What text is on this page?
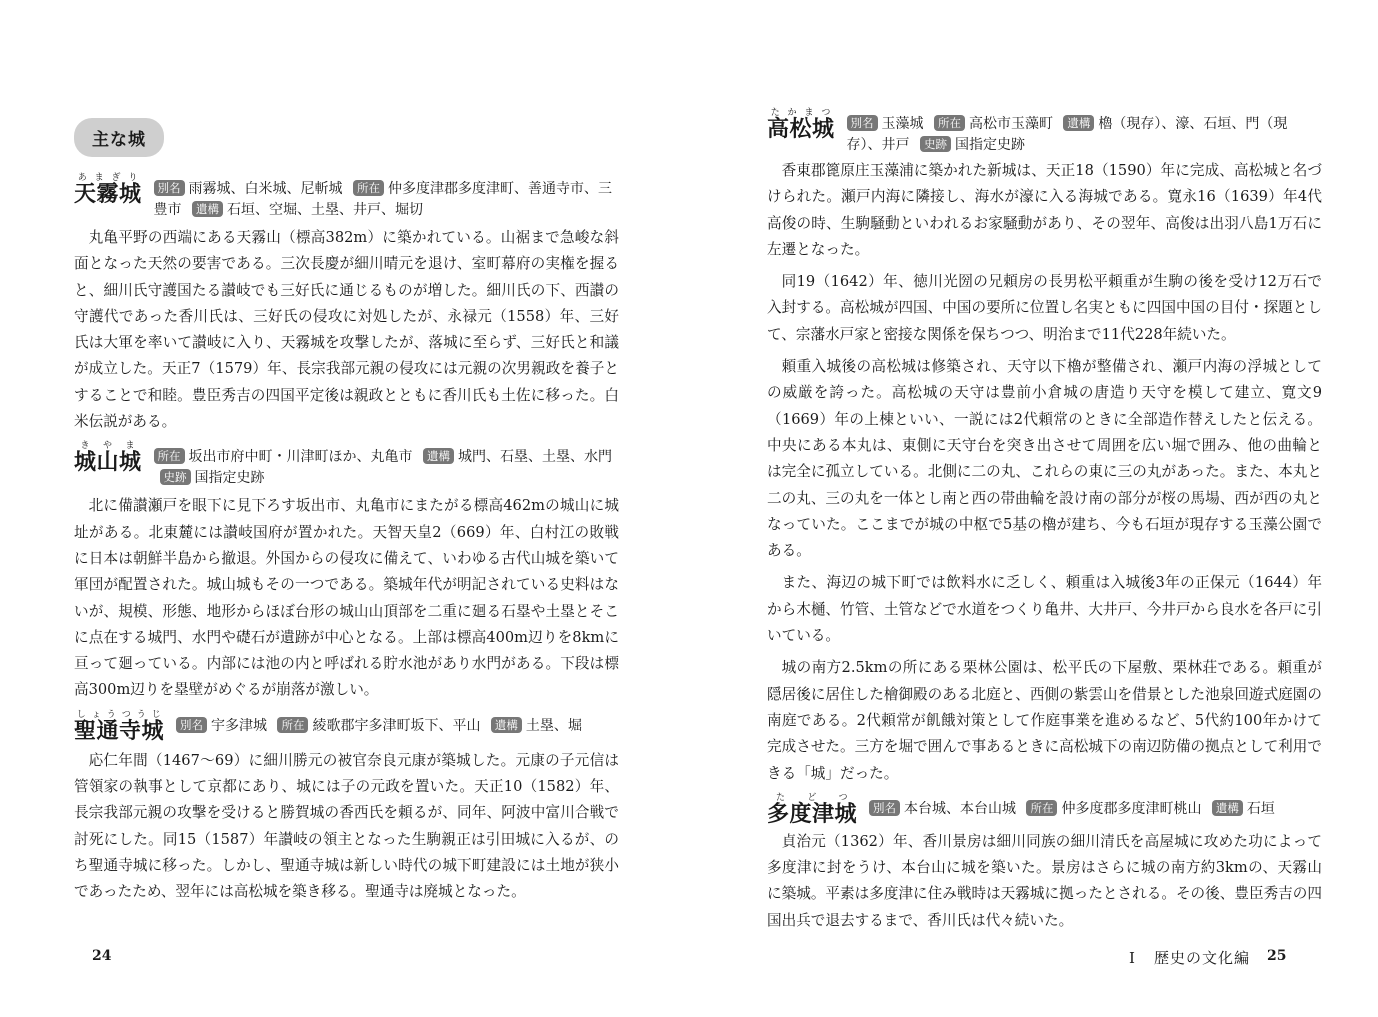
主な城
天霧城あまぎり
別名 雨霧城、白米城、尼斬城 所在 仲多度津郡多度津町、善通寺市、三豊市 遺構 石垣、空堀、土塁、井戸、堀切

丸亀平野の西端にある天霧山（標高382m）に築かれている。山裾まで急峻な斜面となった天然の要害である。三次長慶が細川晴元を退け、室町幕府の実権を握ると、細川氏守護国たる讃岐でも三好氏に通じるものが増した。細川氏の下、西讃の守護代であった香川氏は、三好氏の侵攻に対処したが、永禄元（1558）年、三好氏は大軍を率いて讃岐に入り、天霧城を攻撃したが、落城に至らず、三好氏と和議が成立した。天正7（1579）年、長宗我部元親の侵攻には元親の次男親政を養子とすることで和睦。豊臣秀吉の四国平定後は親政とともに香川氏も土佐に移った。白米伝説がある。

城山城きやま
所在 坂出市府中町・川津町ほか、丸亀市 遺構 城門、石塁、土塁、水門 史跡 国指定史跡

北に備讃瀬戸を眼下に見下ろす坂出市、丸亀市にまたがる標高462mの城山に城址がある。北東麓には讃岐国府が置かれた。天智天皇2（669）年、白村江の敗戦に日本は朝鮮半島から撤退。外国からの侵攻に備えて、いわゆる古代山城を築いて軍団が配置された。城山城もその一つである。築城年代が明記されている史料はないが、規模、形態、地形からほぼ台形の城山山頂部を二重に廻る石塁や土塁とそこに点在する城門、水門や礎石が遺跡が中心となる。上部は標高400m辺りを8kmに亘って廻っている。内部には池の内と呼ばれる貯水池があり水門がある。下段は標高300m辺りを塁壁がめぐるが崩落が激しい。

聖通寺城しょうつうじ
別名 宇多津城 所在 綾歌郡宇多津町坂下、平山 遺構 土塁、堀

応仁年間（1467〜69）に細川勝元の被官奈良元康が築城した。元康の子元信は管領家の執事として京都にあり、城には子の元政を置いた。天正10（1582）年、長宗我部元親の攻撃を受けると勝賀城の香西氏を頼るが、同年、阿波中富川合戦で討死にした。同15（1587）年讃岐の領主となった生駒親正は引田城に入るが、のち聖通寺城に移った。しかし、聖通寺城は新しい時代の城下町建設には土地が狭小であったため、翌年には高松城を築き移る。聖通寺は廃城となった。

24
高松城たかまつ
別名 玉藻城 所在 高松市玉藻町 遺構 櫓（現存）、濠、石垣、門（現存）、井戸 史跡 国指定史跡

香東郡篦原庄玉藻浦に築かれた新城は、天正18（1590）年に完成、高松城と名づけられた。瀬戸内海に隣接し、海水が濠に入る海城である。寛永16（1639）年4代高俊の時、生駒騒動といわれるお家騒動があり、その翌年、高俊は出羽八島1万石に左遷となった。

同19（1642）年、徳川光圀の兄頼房の長男松平頼重が生駒の後を受け12万石で入封する。高松城が四国、中国の要所に位置し名実ともに四国中国の目付・探題として、宗藩水戸家と密接な関係を保ちつつ、明治まで11代228年続いた。

頼重入城後の高松城は修築され、天守以下櫓が整備され、瀬戸内海の浮城としての威厳を誇った。高松城の天守は豊前小倉城の唐造り天守を模して建立、寛文9（1669）年の上棟といい、一説には2代頼常のときに全部造作替えしたと伝える。中央にある本丸は、東側に天守台を突き出させて周囲を広い堀で囲み、他の曲輪とは完全に孤立している。北側に二の丸、これらの東に三の丸があった。また、本丸と二の丸、三の丸を一体とし南と西の帯曲輪を設け南の部分が桜の馬場、西が西の丸となっていた。ここまでが城の中枢で5基の櫓が建ち、今も石垣が現存する玉藻公園である。

また、海辺の城下町では飲料水に乏しく、頼重は入城後3年の正保元（1644）年から木樋、竹管、土管などで水道をつくり亀井、大井戸、今井戸から良水を各戸に引いている。

城の南方2.5kmの所にある栗林公園は、松平氏の下屋敷、栗林荘である。頼重が隠居後に居住した檜御殿のある北庭と、西側の紫雲山を借景とした池泉回遊式庭園の南庭である。2代頼常が飢餓対策として作庭事業を進めるなど、5代約100年かけて完成させた。三方を堀で囲んで事あるときに高松城下の南辺防備の拠点として利用できる「城」だった。

多度津城たどつ
別名 本台城、本台山城 所在 仲多度郡多度津町桃山 遺構 石垣

貞治元（1362）年、香川景房は細川同族の細川清氏を高屋城に攻めた功によって多度津に封をうけ、本台山に城を築いた。景房はさらに城の南方約3kmの、天霧山に築城。平素は多度津に住み戦時は天霧城に拠ったとされる。その後、豊臣秀吉の四国出兵で退去するまで、香川氏は代々続いた。

I 歴史の文化編 25
